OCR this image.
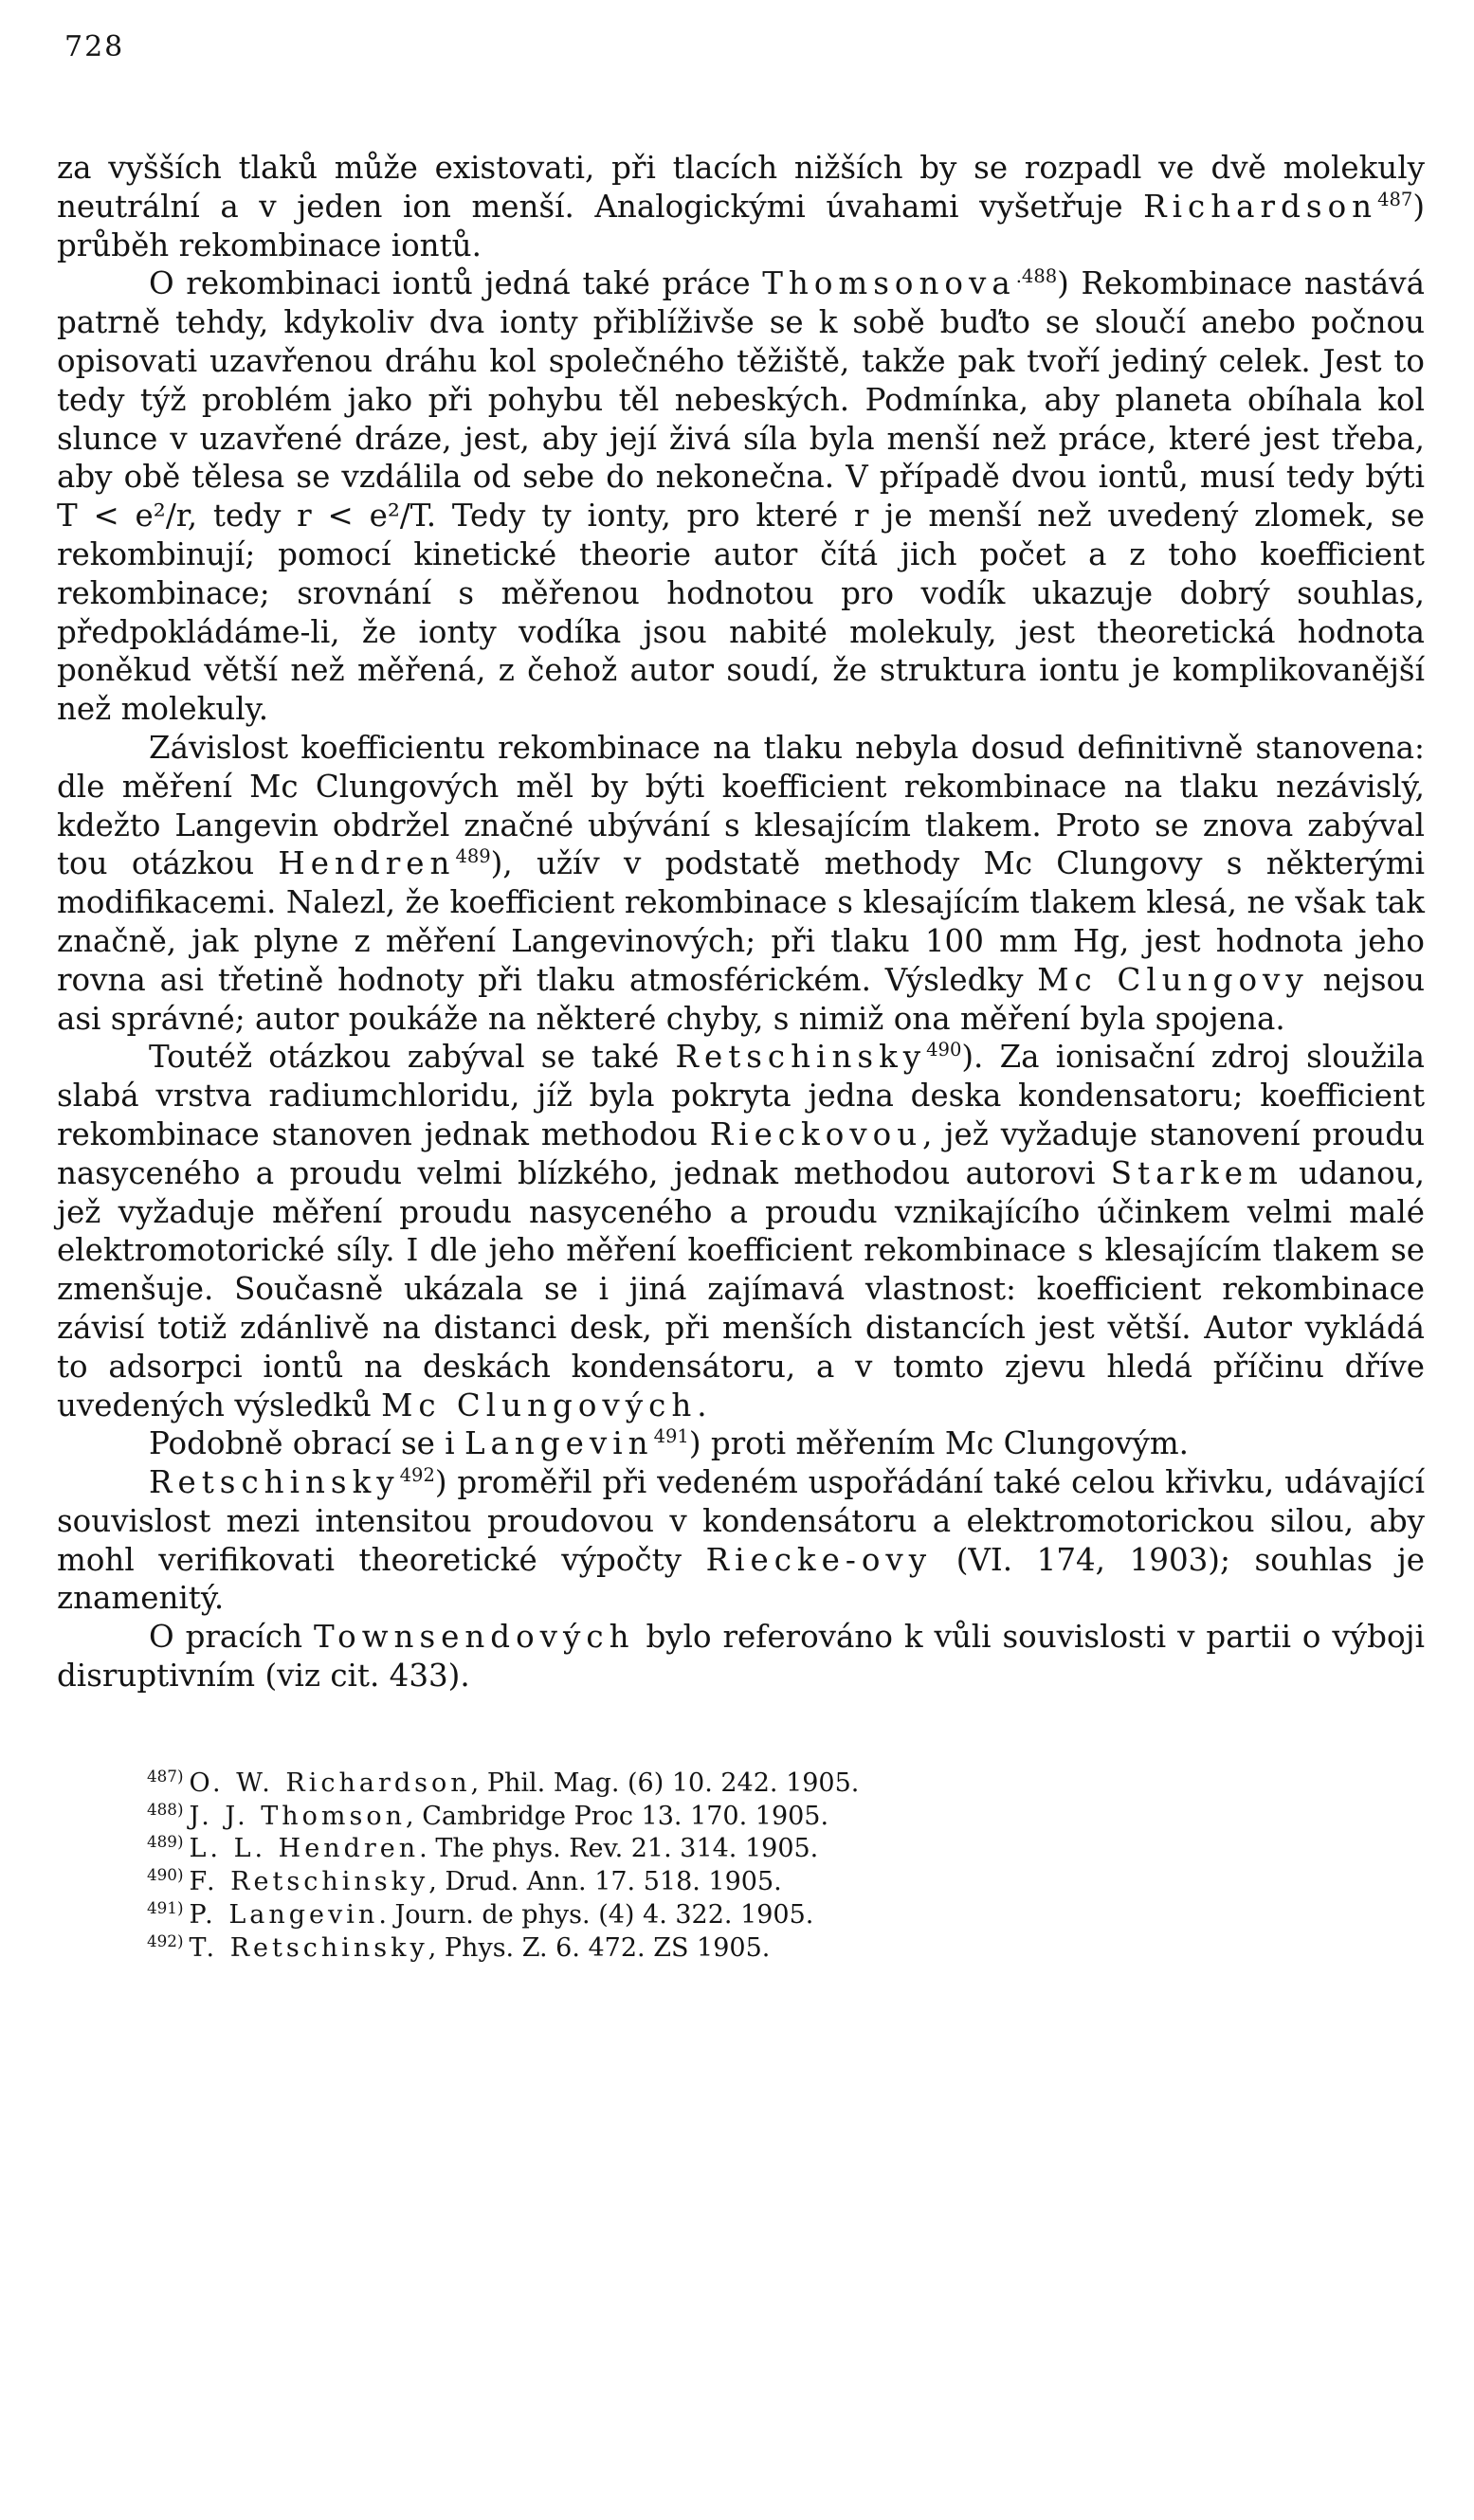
728

za vyšších tlaků může existovati, při tlacích nižších by se rozpadl ve dvě molekuly neutrální a v jeden ion menší. Analogickými úvahami vyšetřuje Richardson$^{487}$) průběh rekombinace iontů.

O rekombinaci iontů jedná také práce Thomsonova$^{.488}$) Rekombinace nastává patrně tehdy, kdykoliv dva ionty přiblíživše se k sobě buďto se sloučí anebo počnou opisovati uzavřenou dráhu kol společného těžiště, takže pak tvoří jediný celek. Jest to tedy týž problém jako při pohybu těl nebeských. Podmínka, aby planeta obíhala kol slunce v uzavřené dráze, jest, aby její živá síla byla menší než práce, které jest třeba, aby obě tělesa se vzdálila od sebe do nekonečna. V případě dvou iontů, musí tedy býti T < e²/r, tedy r < e²/T. Tedy ty ionty, pro které r je menší než uvedený zlomek, se rekombinují; pomocí kinetické theorie autor čítá jich počet a z toho koefficient rekombinace; srovnání s měřenou hodnotou pro vodík ukazuje dobrý souhlas, předpokládáme-li, že ionty vodíka jsou nabité molekuly, jest theoretická hodnota poněkud větší než měřená, z čehož autor soudí, že struktura iontu je komplikovanější než molekuly.

Závislost koefficientu rekombinace na tlaku nebyla dosud definitivně stanovena: dle měření Mc Clungových měl by býti koefficient rekombinace na tlaku nezávislý, kdežto Langevin obdržel značné ubývání s klesajícím tlakem. Proto se znova zabýval tou otázkou Hendren$^{489}$), užív v podstatě methody Mc Clungovy s některými modifikacemi. Nalezl, že koefficient rekombinace s klesajícím tlakem klesá, ne však tak značně, jak plyne z měření Langevinových; při tlaku 100 mm Hg, jest hodnota jeho rovna asi třetině hodnoty při tlaku atmosférickém. Výsledky Mc Clungovy nejsou asi správné; autor poukáže na některé chyby, s nimiž ona měření byla spojena.

Toutéž otázkou zabýval se také Retschinsky$^{490}$). Za ionisační zdroj sloužila slabá vrstva radiumchloridu, jíž byla pokryta jedna deska kondensatoru; koefficient rekombinace stanoven jednak methodou Rieckovou, jež vyžaduje stanovení proudu nasyceného a proudu velmi blízkého, jednak methodou autorovi Starkem udanou, jež vyžaduje měření proudu nasyceného a proudu vznikajícího účinkem velmi malé elektromotorické síly. I dle jeho měření koefficient rekombinace s klesajícím tlakem se zmenšuje. Současně ukázala se i jiná zajímavá vlastnost: koefficient rekombinace závisí totiž zdánlivě na distanci desk, při menších distancích jest větší. Autor vykládá to adsorpci iontů na deskách kondensátoru, a v tomto zjevu hledá příčinu dříve uvedených výsledků Mc Clungových.

Podobně obrací se i Langevin$^{491}$) proti měřením Mc Clungovým.

Retschinsky$^{492}$) proměřil při vedeném uspořádání také celou křivku, udávající souvislost mezi intensitou proudovou v kondensátoru a elektromotorickou silou, aby mohl verifikovati theoretické výpočty Riecke-ovy (VI. 174, 1903); souhlas je znamenitý.

O pracích Townsendových bylo referováno k vůli souvislosti v partii o výboji disruptivním (viz cit. 433).

$^{487)}$ O. W. Richardson, Phil. Mag. (6) 10. 242. 1905.

$^{488)}$ J. J. Thomson, Cambridge Proc 13. 170. 1905.

$^{489)}$ L. L. Hendren. The phys. Rev. 21. 314. 1905.

$^{490)}$ F. Retschinsky, Drud. Ann. 17. 518. 1905.

$^{491)}$ P. Langevin. Journ. de phys. (4) 4. 322. 1905.

$^{492)}$ T. Retschinsky, Phys. Z. 6. 472. ZS 1905.
